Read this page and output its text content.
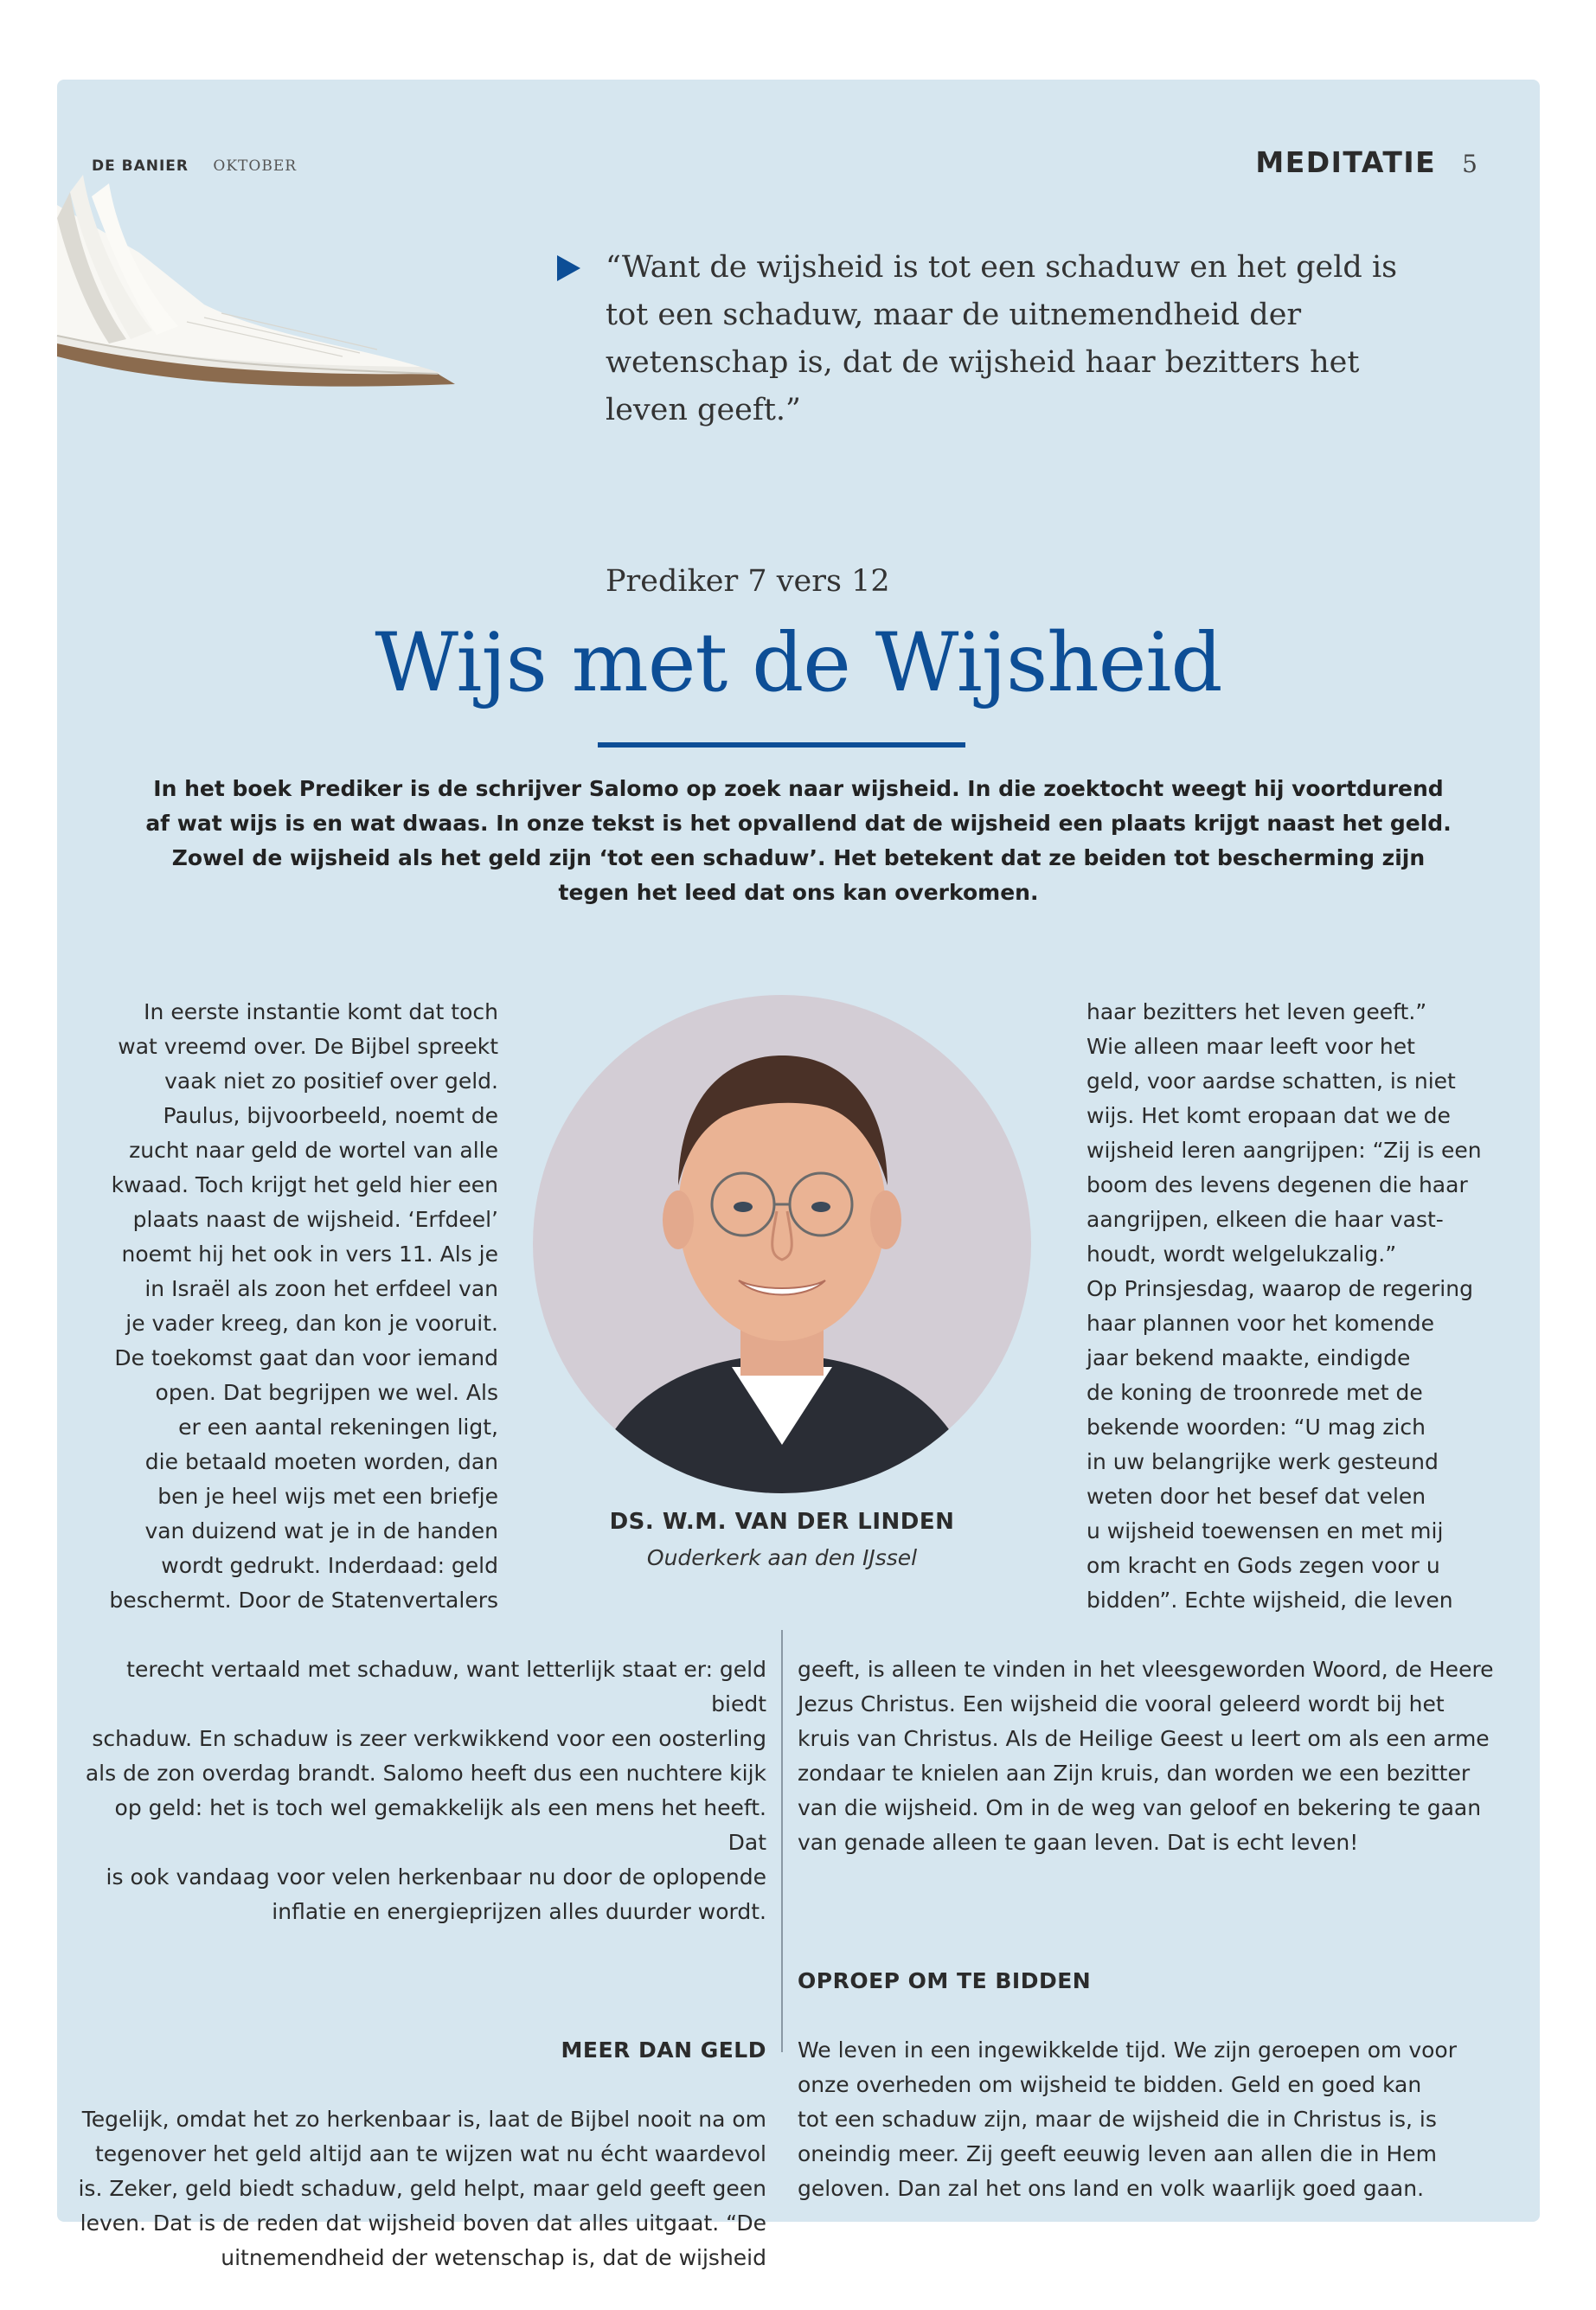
DE BANIER OKTOBER	MEDITATIE 5
“Want de wijsheid is tot een schaduw en het geld is tot een schaduw, maar de uitnemendheid der wetenschap is, dat de wijsheid haar bezitters het leven geeft.”
Prediker 7 vers 12
Wijs met de Wijsheid
In het boek Prediker is de schrijver Salomo op zoek naar wijsheid. In die zoektocht weegt hij voortdurend af wat wijs is en wat dwaas. In onze tekst is het opvallend dat de wijsheid een plaats krijgt naast het geld. Zowel de wijsheid als het geld zijn ‘tot een schaduw’. Het betekent dat ze beiden tot bescherming zijn tegen het leed dat ons kan overkomen.
In eerste instantie komt dat toch
wat vreemd over. De Bijbel spreekt
vaak niet zo positief over geld.
Paulus, bijvoorbeeld, noemt de
zucht naar geld de wortel van alle
kwaad. Toch krijgt het geld hier een
plaats naast de wijsheid. ‘Erfdeel’
noemt hij het ook in vers 11. Als je
in Israël als zoon het erfdeel van
je vader kreeg, dan kon je vooruit.
De toekomst gaat dan voor iemand
open. Dat begrijpen we wel. Als
er een aantal rekeningen ligt,
die betaald moeten worden, dan
ben je heel wijs met een briefje
van duizend wat je in de handen
wordt gedrukt. Inderdaad: geld
beschermt. Door de Statenvertalers
DS. W.M. VAN DER LINDEN
Ouderkerk aan den IJssel
haar bezitters het leven geeft.”
Wie alleen maar leeft voor het
geld, voor aardse schatten, is niet
wijs. Het komt eropaan dat we de
wijsheid leren aangrijpen: “Zij is een
boom des levens degenen die haar
aangrijpen, elkeen die haar vast-
houdt, wordt welgelukzalig.”
Op Prinsjesdag, waarop de regering
haar plannen voor het komende
jaar bekend maakte, eindigde
de koning de troonrede met de
bekende woorden: “U mag zich
in uw belangrijke werk gesteund
weten door het besef dat velen
u wijsheid toewensen en met mij
om kracht en Gods zegen voor u
bidden”. Echte wijsheid, die leven

terecht vertaald met schaduw, want letterlijk staat er: geld biedt
schaduw. En schaduw is zeer verkwikkend voor een oosterling
als de zon overdag brandt. Salomo heeft dus een nuchtere kijk
op geld: het is toch wel gemakkelijk als een mens het heeft. Dat
is ook vandaag voor velen herkenbaar nu door de oplopende
inflatie en energieprijzen alles duurder wordt.

MEER DAN GELD

Tegelijk, omdat het zo herkenbaar is, laat de Bijbel nooit na om
tegenover het geld altijd aan te wijzen wat nu écht waardevol
is. Zeker, geld biedt schaduw, geld helpt, maar geld geeft geen
leven. Dat is de reden dat wijsheid boven dat alles uitgaat. “De
uitnemendheid der wetenschap is, dat de wijsheid

geeft, is alleen te vinden in het vleesgeworden Woord, de Heere
Jezus Christus. Een wijsheid die vooral geleerd wordt bij het
kruis van Christus. Als de Heilige Geest u leert om als een arme
zondaar te knielen aan Zijn kruis, dan worden we een bezitter
van die wijsheid. Om in de weg van geloof en bekering te gaan
van genade alleen te gaan leven. Dat is echt leven!

OPROEP OM TE BIDDEN

We leven in een ingewikkelde tijd. We zijn geroepen om voor
onze overheden om wijsheid te bidden. Geld en goed kan
tot een schaduw zijn, maar de wijsheid die in Christus is, is
oneindig meer. Zij geeft eeuwig leven aan allen die in Hem
geloven. Dan zal het ons land en volk waarlijk goed gaan.
